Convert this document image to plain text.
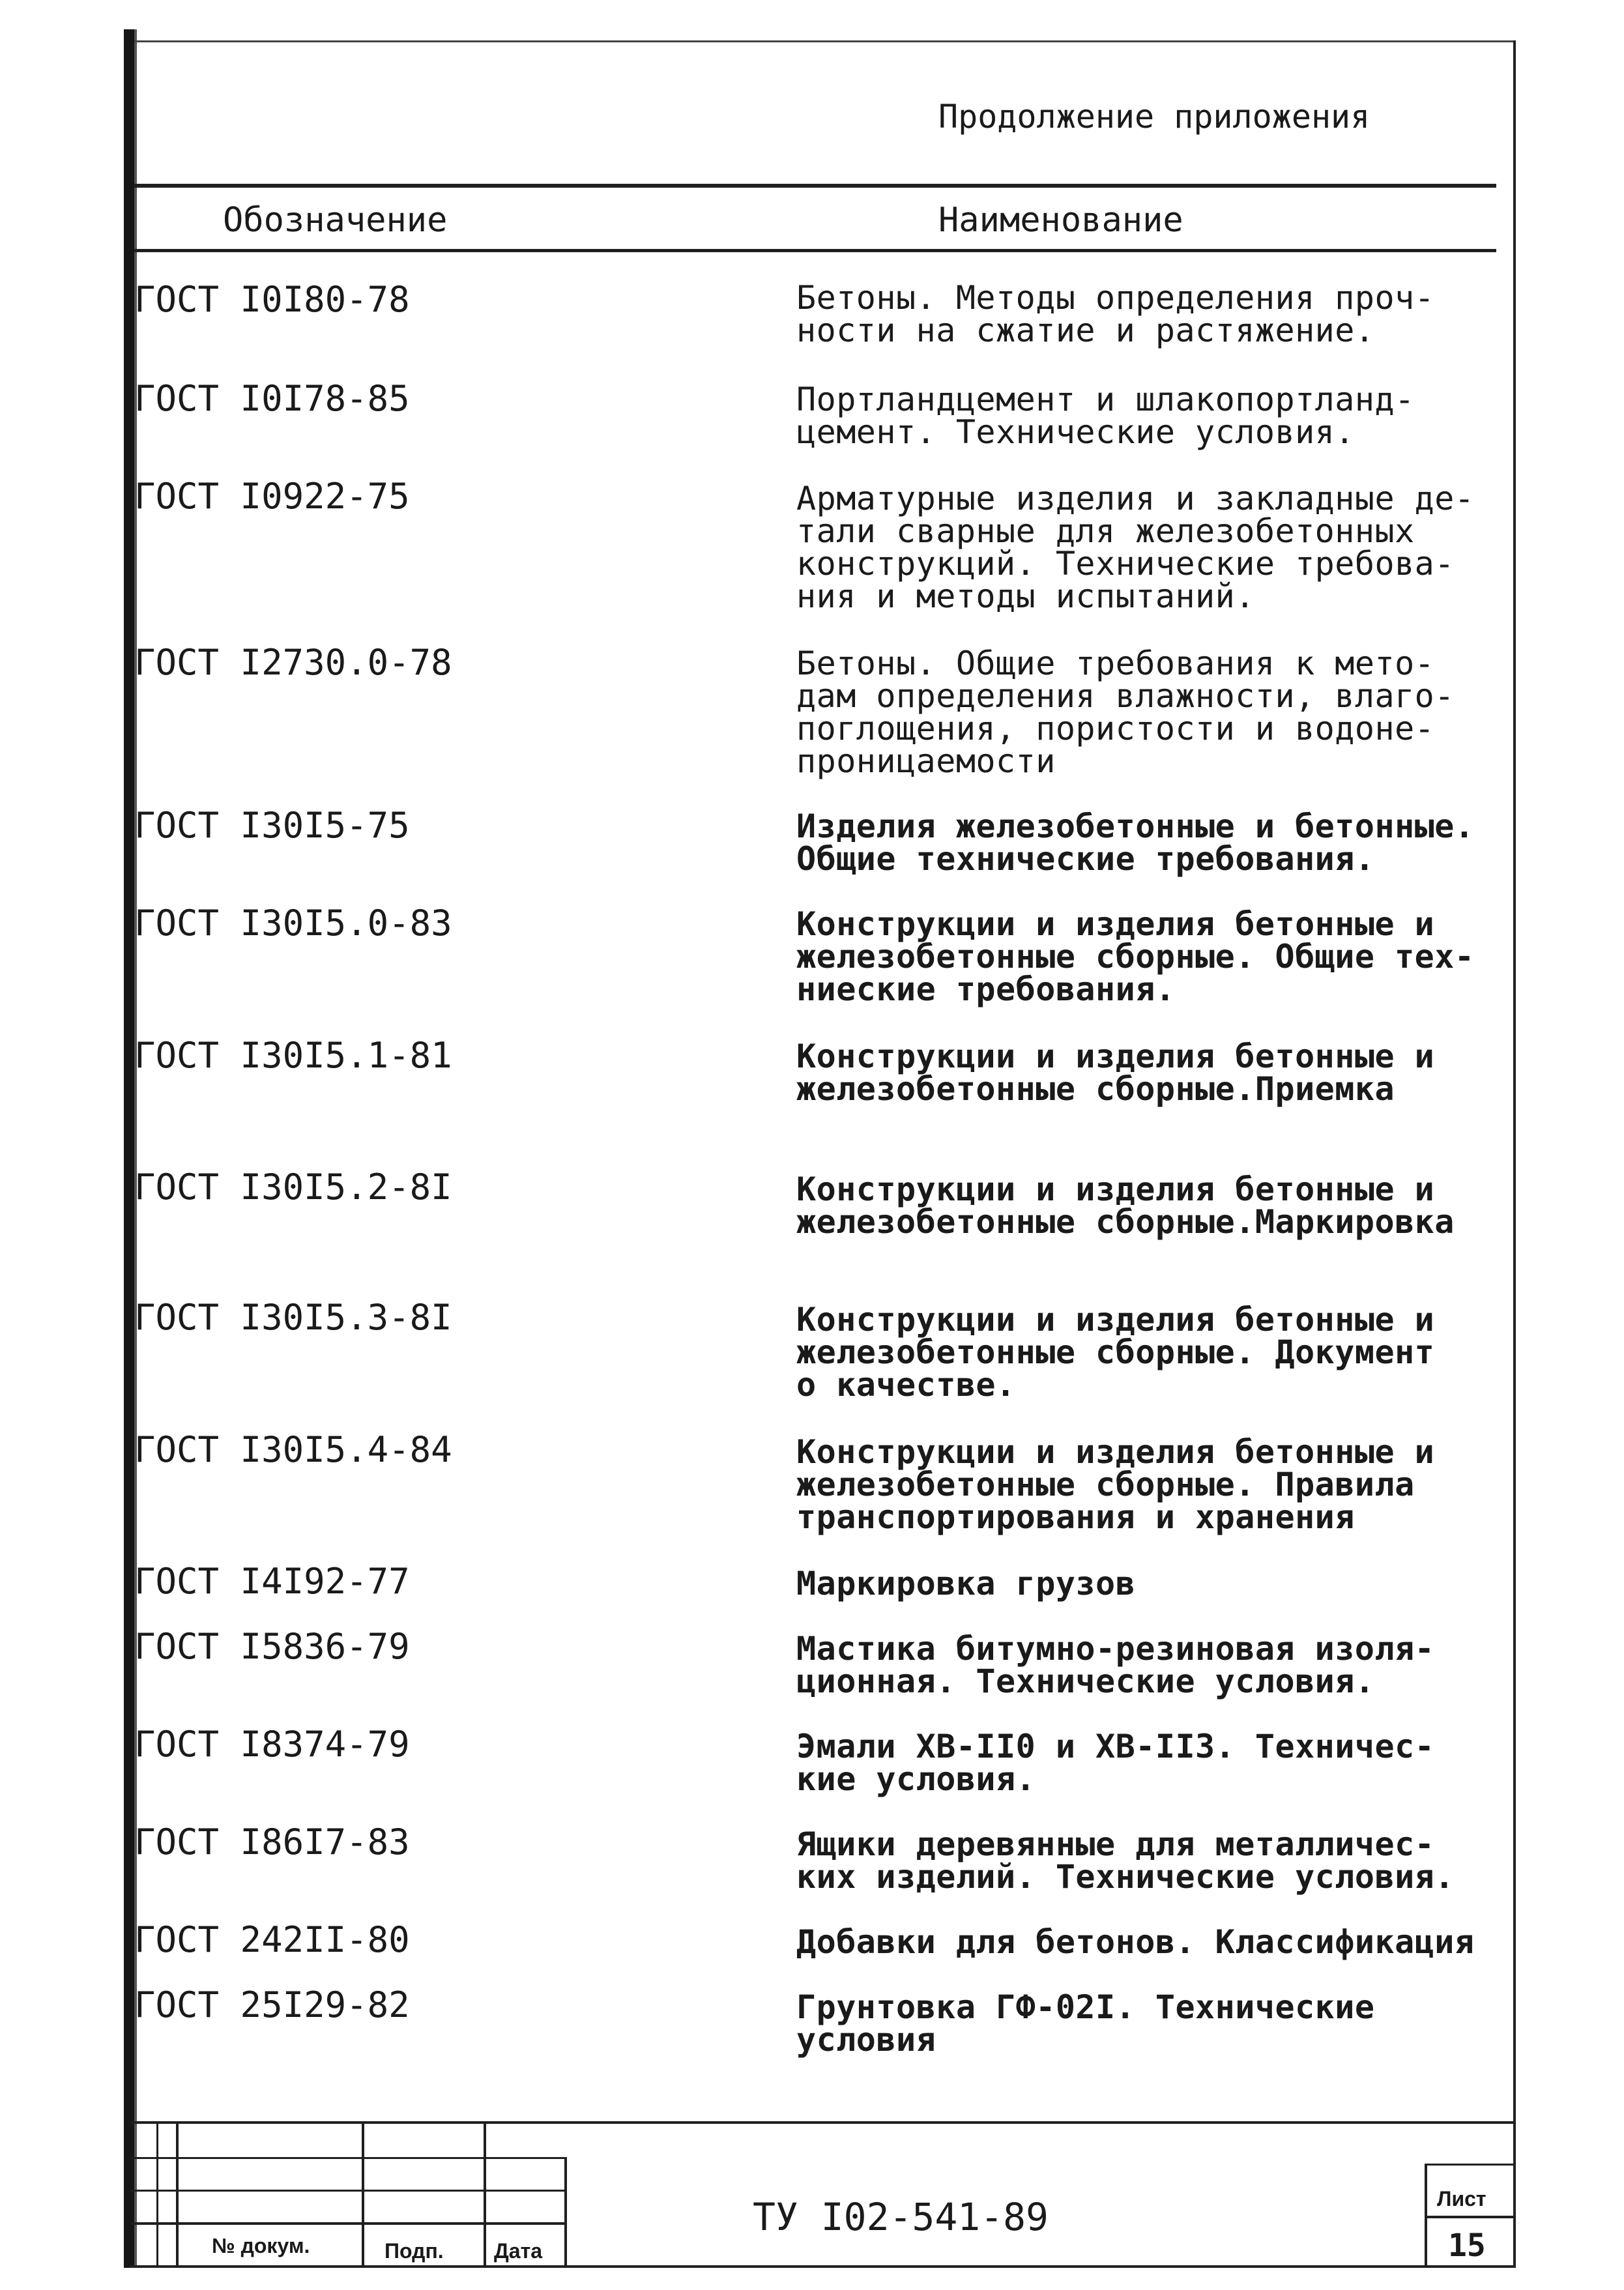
Продолжение приложения
Обозначение	Наименование
ГОСТ I0I80-78	Бетоны. Методы определения проч-
ности на сжатие и растяжение.
ГОСТ I0I78-85	Портландцемент и шлакопортланд-
цемент. Технические условия.
ГОСТ I0922-75	Арматурные изделия и закладные де-
тали сварные для железобетонных
конструкций. Технические требова-
ния и методы испытаний.
ГОСТ I2730.0-78	Бетоны. Общие требования к мето-
дам определения влажности, влаго-
поглощения, пористости и водоне-
проницаемости
ГОСТ I30I5-75	Изделия железобетонные и бетонные.
Общие технические требования.
ГОСТ I30I5.0-83	Конструкции и изделия бетонные и
железобетонные сборные. Общие тех-
ниеские требования.
ГОСТ I30I5.1-81	Конструкции и изделия бетонные и
железобетонные сборные.Приемка
ГОСТ I30I5.2-8I	Конструкции и изделия бетонные и
железобетонные сборные.Маркировка
ГОСТ I30I5.3-8I	Конструкции и изделия бетонные и
железобетонные сборные. Документ
о качестве.
ГОСТ I30I5.4-84	Конструкции и изделия бетонные и
железобетонные сборные. Правила
транспортирования и хранения
ГОСТ I4I92-77	Маркировка грузов
ГОСТ I5836-79	Мастика битумно-резиновая изоля-
ционная. Технические условия.
ГОСТ I8374-79	Эмали ХВ-II0 и ХВ-II3. Техничес-
кие условия.
ГОСТ I86I7-83	Ящики деревянные для металличес-
ких изделий. Технические условия.
ГОСТ 242II-80	Добавки для бетонов. Классификация
ГОСТ 25I29-82	Грунтовка ГФ-02I. Технические
условия
№ докум.	Подп. Дата
ТУ I02-541-89	Лист
15
